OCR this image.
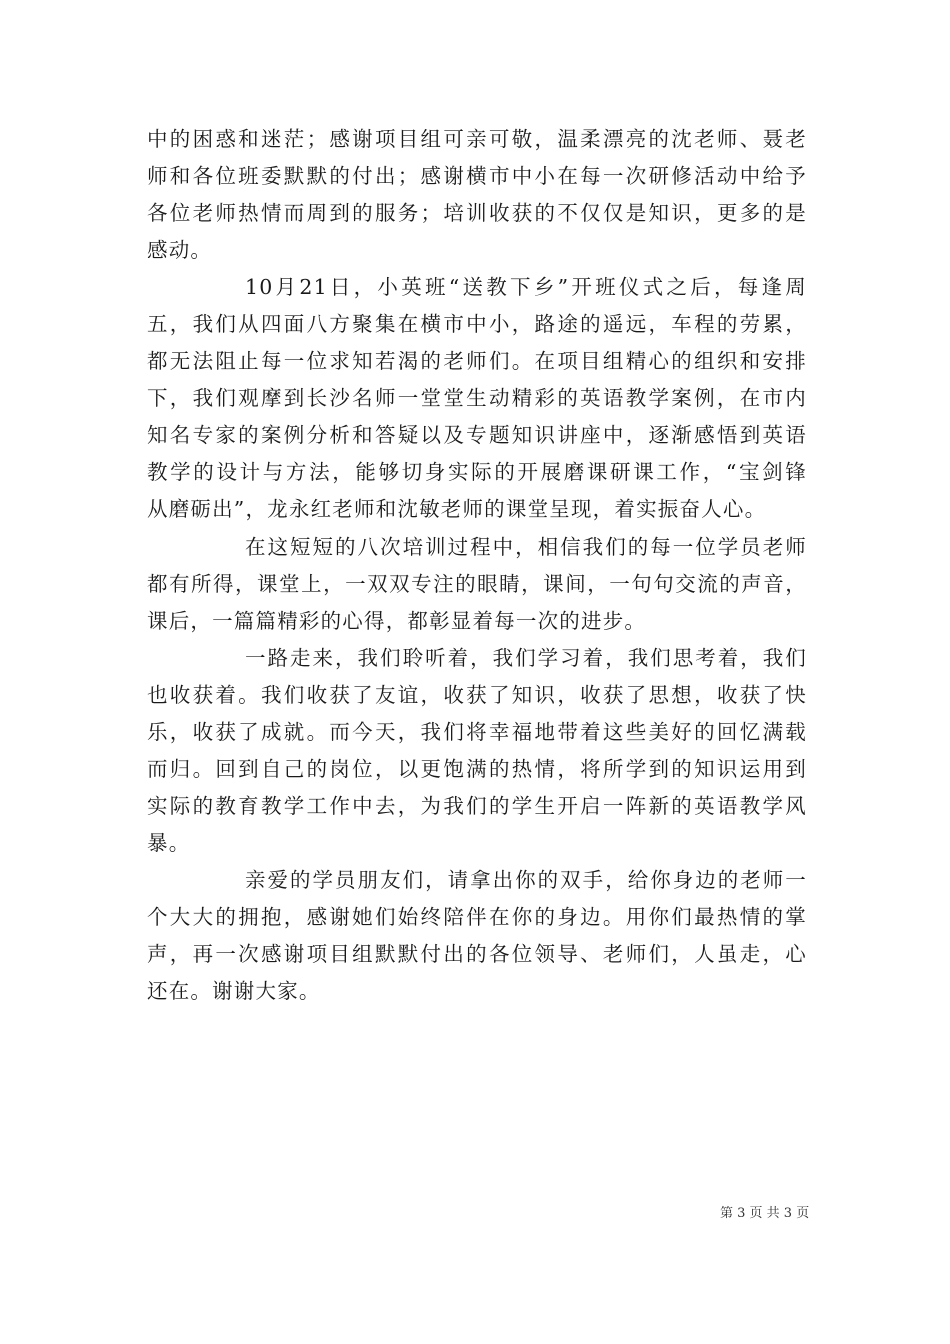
中的困惑和迷茫；感谢项目组可亲可敬，温柔漂亮的沈老师、聂老
师和各位班委默默的付出；感谢横市中小在每一次研修活动中给予
各位老师热情而周到的服务；培训收获的不仅仅是知识，更多的是
感动。
10月21日，小英班“送教下乡”开班仪式之后，每逢周
五，我们从四面八方聚集在横市中小，路途的遥远，车程的劳累，
都无法阻止每一位求知若渴的老师们。在项目组精心的组织和安排
下，我们观摩到长沙名师一堂堂生动精彩的英语教学案例，在市内
知名专家的案例分析和答疑以及专题知识讲座中，逐渐感悟到英语
教学的设计与方法，能够切身实际的开展磨课研课工作，“宝剑锋
从磨砺出”，龙永红老师和沈敏老师的课堂呈现，着实振奋人心。
在这短短的八次培训过程中，相信我们的每一位学员老师
都有所得，课堂上，一双双专注的眼睛，课间，一句句交流的声音，
课后，一篇篇精彩的心得，都彰显着每一次的进步。
一路走来，我们聆听着，我们学习着，我们思考着，我们
也收获着。我们收获了友谊，收获了知识，收获了思想，收获了快
乐，收获了成就。而今天，我们将幸福地带着这些美好的回忆满载
而归。回到自己的岗位，以更饱满的热情，将所学到的知识运用到
实际的教育教学工作中去，为我们的学生开启一阵新的英语教学风
暴。
亲爱的学员朋友们，请拿出你的双手，给你身边的老师一
个大大的拥抱，感谢她们始终陪伴在你的身边。用你们最热情的掌
声，再一次感谢项目组默默付出的各位领导、老师们，人虽走，心
还在。谢谢大家。
第 3 页 共 3 页
